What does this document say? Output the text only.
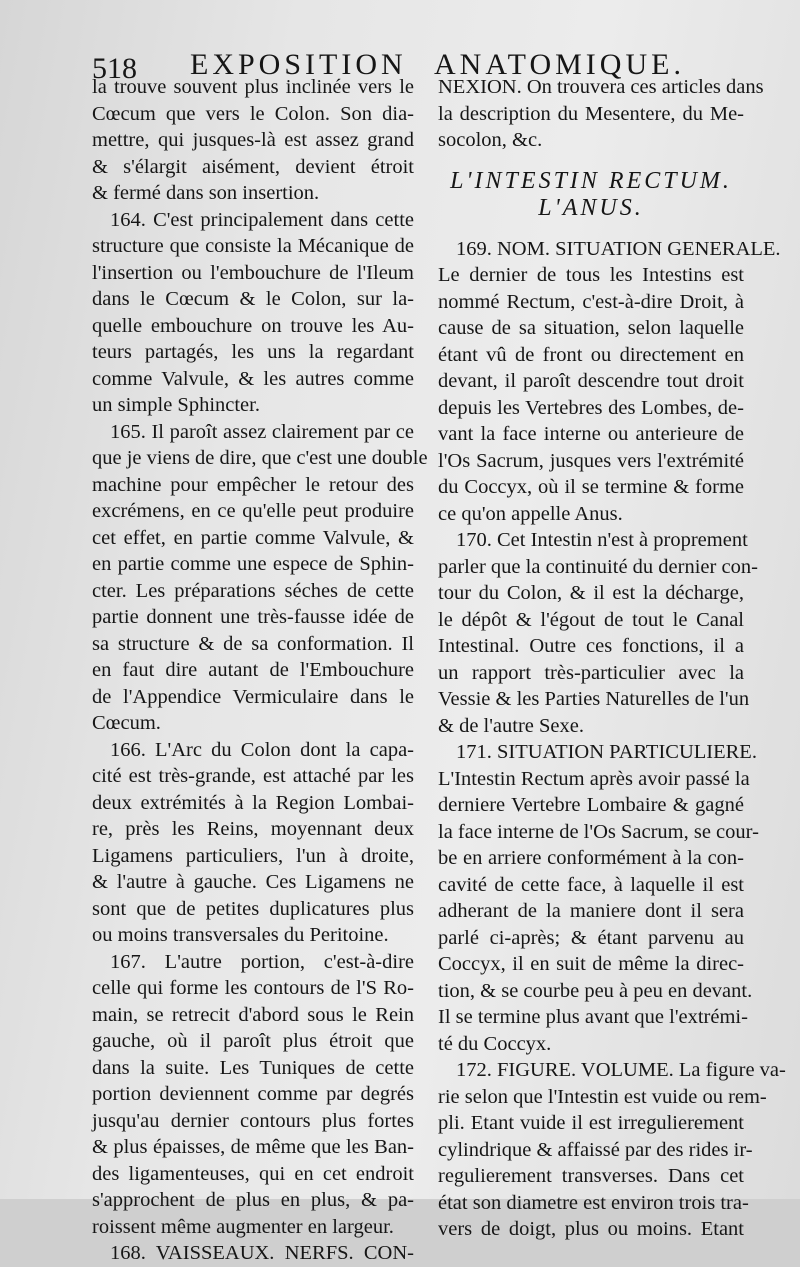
518 EXPOSITION ANATOMIQUE.
la trouve souvent plus inclinée vers le
Cœcum que vers le Colon. Son dia-
mettre, qui jusques-là est assez grand
& s'élargit aisément, devient étroit
& fermé dans son insertion.
164. C'est principalement dans cette
structure que consiste la Mécanique de
l'insertion ou l'embouchure de l'Ileum
dans le Cœcum & le Colon, sur la-
quelle embouchure on trouve les Au-
teurs partagés, les uns la regardant
comme Valvule, & les autres comme
un simple Sphincter.
165. Il paroît assez clairement par ce
que je viens de dire, que c'est une double
machine pour empêcher le retour des
excrémens, en ce qu'elle peut produire
cet effet, en partie comme Valvule, &
en partie comme une espece de Sphin-
cter. Les préparations séches de cette
partie donnent une très-fausse idée de
sa structure & de sa conformation. Il
en faut dire autant de l'Embouchure
de l'Appendice Vermiculaire dans le
Cœcum.
166. L'Arc du Colon dont la capa-
cité est très-grande, est attaché par les
deux extrémités à la Region Lombai-
re, près les Reins, moyennant deux
Ligamens particuliers, l'un à droite,
& l'autre à gauche. Ces Ligamens ne
sont que de petites duplicatures plus
ou moins transversales du Peritoine.
167. L'autre portion, c'est-à-dire
celle qui forme les contours de l'S Ro-
main, se retrecit d'abord sous le Rein
gauche, où il paroît plus étroit que
dans la suite. Les Tuniques de cette
portion deviennent comme par degrés
jusqu'au dernier contours plus fortes
& plus épaisses, de même que les Ban-
des ligamenteuses, qui en cet endroit
s'approchent de plus en plus, & pa-
roissent même augmenter en largeur.
168. VAISSEAUX. NERFS. CON-
NEXION. On trouvera ces articles dans
la description du Mesentere, du Me-
socolon, &c.
L'INTESTIN RECTUM.
L'ANUS.
169. NOM. SITUATION GENERALE.
Le dernier de tous les Intestins est
nommé Rectum, c'est-à-dire Droit, à
cause de sa situation, selon laquelle
étant vû de front ou directement en
devant, il paroît descendre tout droit
depuis les Vertebres des Lombes, de-
vant la face interne ou anterieure de
l'Os Sacrum, jusques vers l'extrémité
du Coccyx, où il se termine & forme
ce qu'on appelle Anus.
170. Cet Intestin n'est à proprement
parler que la continuité du dernier con-
tour du Colon, & il est la décharge,
le dépôt & l'égout de tout le Canal
Intestinal. Outre ces fonctions, il a
un rapport très-particulier avec la
Vessie & les Parties Naturelles de l'un
& de l'autre Sexe.
171. SITUATION PARTICULIERE.
L'Intestin Rectum après avoir passé la
derniere Vertebre Lombaire & gagné
la face interne de l'Os Sacrum, se cour-
be en arriere conformément à la con-
cavité de cette face, à laquelle il est
adherant de la maniere dont il sera
parlé ci-après; & étant parvenu au
Coccyx, il en suit de même la direc-
tion, & se courbe peu à peu en devant.
Il se termine plus avant que l'extrémi-
té du Coccyx.
172. FIGURE. VOLUME. La figure va-
rie selon que l'Intestin est vuide ou rem-
pli. Etant vuide il est irregulierement
cylindrique & affaissé par des rides ir-
regulierement transverses. Dans cet
état son diametre est environ trois tra-
vers de doigt, plus ou moins. Etant
